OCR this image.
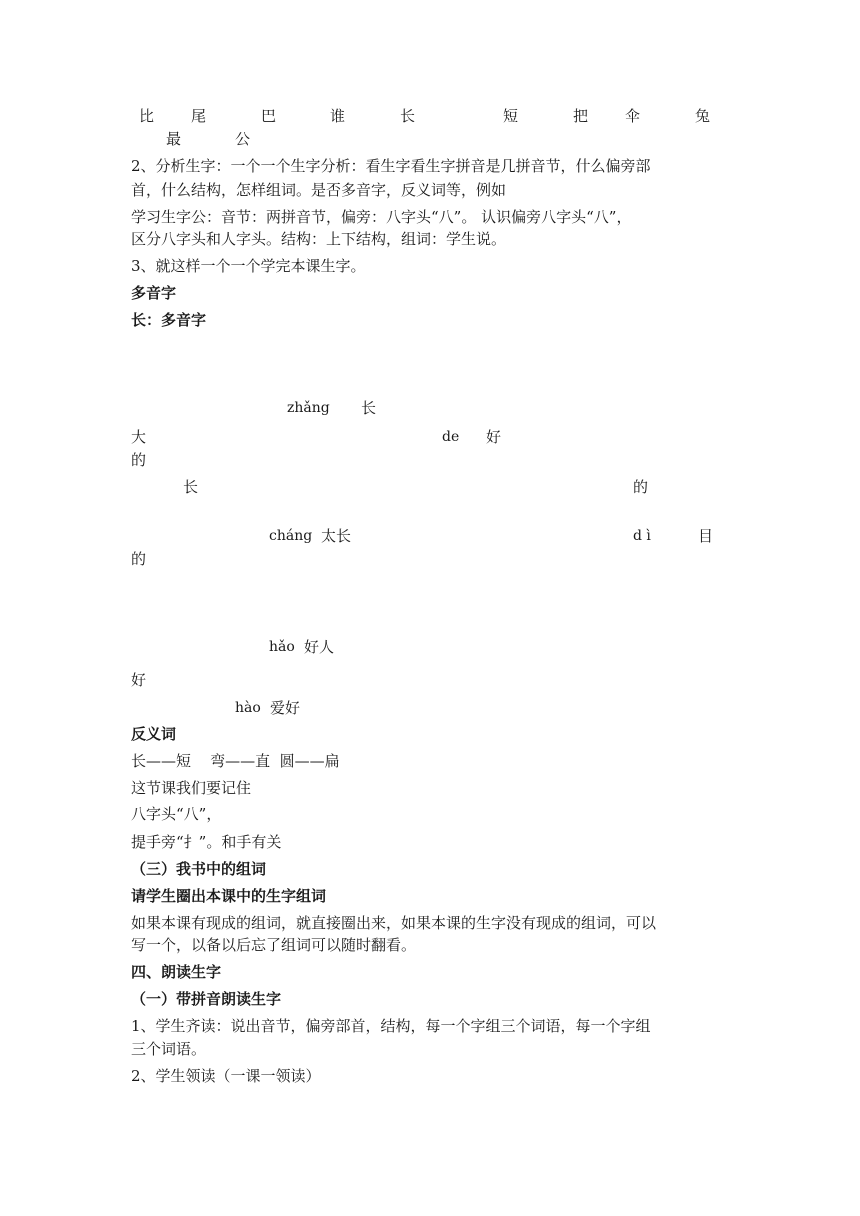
比 尾	巴	谁	长	短	把 伞	兔
最	公
2、分析生字：一个一个生字分析：看生字看生字拼音是几拼音节，什么偏旁部
首，什么结构，怎样组词。是否多音字，反义词等，例如
学习生字公：音节：两拼音节，偏旁：八字头“八”。 认识偏旁八字头“八”，
区分八字头和人字头。结构：上下结构，组词：学生说。
3、就这样一个一个学完本课生字。
多音字
长：多音字
zhǎng 长
大	de 好
的
长	的
cháng 太长	d ì	目
的
hǎo 好人
好
hào 爱好
反义词
长——短    弯——直  圆——扁
这节课我们要记住
八字头“八”，
提手旁“扌”。和手有关
（三）我书中的组词
请学生圈出本课中的生字组词
如果本课有现成的组词，就直接圈出来，如果本课的生字没有现成的组词，可以
写一个，以备以后忘了组词可以随时翻看。
四、朗读生字
（一）带拼音朗读生字
1、学生齐读：说出音节，偏旁部首，结构，每一个字组三个词语，每一个字组
三个词语。
2、学生领读（一课一领读）
